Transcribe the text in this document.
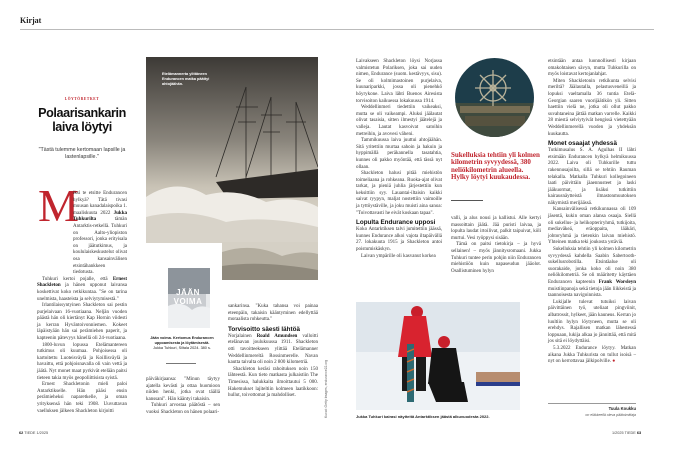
Kirjat
LÖYTÖRETKET
Polaarisankarin laiva löytyi
"Tästä tulemme kertomaan lapsille ja lastenlapsille."
M

iksi te etsitte Endurancen hylkyä? Tätä tivasi muusan kanadalaispoika 1. maaliskuuta 2022 Jukka Tuhkurilta tämän Antarktis-retkellä. Tuhkuri on Aalto-yliopiston professori, jonka erityisala on jäätutkimus, ja koululaiskeskustelut olivat osa kansainvälisen etsintähankkeen tiedotusta.

Tuhkuri kertoi pojalle, että Ernest Shackleton ja hänen upponut laivansa koskettivat koko retkikuntaa. "Se on tarina unelmista, haasteista ja selviytymisestä."

Irlantilaissyntyinen Shackleton sai pestin purjelaivaan 16-vuotiaana. Neljän vuoden päästä hän oli kiertänyt Kap Hornin viidesti ja kerran Hyväntoivonniemen. Kokeet läpäistyään hän sai perämiehen paperit, ja kapteenin pätevyys hänellä oli 24-vuotiaana.

1800-luvun lopussa Etelämantereen tutkimus oli kuumaa. Pohjoisessa oli kartoitettu Luoteisväylä ja Koillisväylä ja havaittu, että pohjoisnavalla oli vain vettä ja jäätä. Nyt monet maat pyrkivät etelään paitsi tieteen takia myös geopoliittisista syistä.

Ernest Shackletonin mieli paloi Antarktikselle. Hän pääsi ensin perämieheksi naparetkelle, ja oman yrityksensä hän teki 1908. Uuvuttavan vaelluksen jälkeen Shackleton kirjoitti

Etelämannerta ylittäneen Endurancen matka päättyi ahtojäähän.
JÄÄN VOIMA
Jään voima. Kertomus Endurancen uppoamisesta ja löytämisestä. Jukka Tuhkuri, Siltala 2024. 380 s.

päiväkirjaansa: "Minun täytyy ajatella kevästi ja ottaa huomioon niiden henki, jotka ovat täällä kanssani". Hän kääntyi takaisin.

Tuhkuri arvostaa päätöstä – sen vuoksi Shackleton on hänen polaari-

sankarinsa. "Kuka tahansa voi painaa eteenpäin, takaisin kääntyminen edellyttää moraalista rohkeutta."

Torvisoitto säesti lähtöä

Norjalainen Roald Amundsen valloitti etelänavan joulukuussa 1911. Shackleton otti tavoitteekseen ylittää Etelämanner Weddellinmereltä Rossinmerelle. Navan kautta taivalta oli noin 2 800 kilometriä.

Shackleton keräsi rahoituksen noin 150 lähteestä. Kun tieto matkasta julkaistiin The Timesissa, halukkaita ilmoittautui 5 000. Hakemukset lajiteltiin kolmeen laatikkoon: hullut, toivottomat ja mahdolliset.	Kuvat: Getty Images, endurance22.org

Laivakseen Shackleton löysi Norjassa valmistetun Polariksen, joka sai uuden nimen, Endurance (suom. kestävyys, sisu). Se oli kolmimastoinen purjelaiva, kuunariparkki, jossa oli pienehkö höyrykone. Laiva lähti Buenos Airesista torvisoiton kaikuessa lokakuussa 1914.

Weddellinmeri tiedettiin vaikeaksi, mutta se oli vaikeampi. Aluksi jäälautat olivat tasaisia, sitten ilmestyi jäätelejä ja valleja. Lautat kasvoivat satoihin metreihin, ja avovesi väheni.

Tammikuussa laiva juuttui ahtojäähän. Sitä yritettiin murtaa sahoin ja hakuin ja hyppimällä peräkannella tasatahtia, kunnes oli pakko myöntää, että tässä nyt ollaan.

Shackleton halusi pitää miehistön toimeliaana ja rohkeana. Ruoka-ajat olivat tarkat, ja pieniä juhlia järjestettiin kun keksittiin syy. Lauantai-iltaisin kaikki saivat ryypyn, maljat nostettiin vaimoille ja tyttöystäville, ja joku muisti aina sanoa: "Toivottavasti he eivät koskaan tapaa".

Lopulta Endurance upposi

Koko Antarktiksen talvi jumitettiin jäässä, kunnes Endurance alkoi vajota iltapäivällä 27. lokakuuta 1915 ja Shackleton antoi poistumiskäskyn.

Laivan ympärille oli kasvanut korkea

Sukelluksia tehtiin yli kolmen kilometrin syvyydessä, 380 neliökilometrin alueella. Hylky löytyi kuukaudessa.

valli, ja alus nousi ja kallistui. Alle kertyi massoittain jäätä. Jää puristi laivaa, ja lopulta laudat irtoilivat, palkit taipuivat, köli murtui. Vesi ryöppysi sisään.

Tämä on paitsi tietokirja – ja hyvä sellainen! – myös jännitysromaani. Jukka Tuhkuri tuntee perin pohjin niin Endurancen miehistöön kuin napaseudun jääolot. Osallistuminen hylyn

Jukka Tuhkuri kairasi näytteitä Antarktiksen jäästä alkuvuodesta 2022.

etsintään antaa luonnollisesti kirjaan omakohtaisen sävyn, mutta Tuhkurilla on myös loistavat kertojanlahjat.

Miten Shackletonin retkikunta selvisi meriltä? Jäälautalla, pelastusveneillä ja lopuksi vaeltamalla 36 tuntia Etelä-Georgian saaren vuorijäätikön yli. Sitten haettiin vielä ne, jotka oli ollut pakko suvahtaneina jättää matkan varrelle. Kaikki 28 miestä selviytyivät hengissä vietettyään Weddellinmerellä vuoden ja yhdeksän kuukautta.

Monet osaajat yhdessä

Tutkimusalus S. A. Agulhas II lähti etsimään Endurancen hylkyä helmikuussa 2022. Laiva oli Tuhkurille tuttu rakennusajoilta, sillä se tehtiin Rauman telakalla. Matkalla Tuhkuri kollegoineen laati päivittäin jäaennusteet ja laski jääkuormat, ja lisäksi tutkittiin kairausnäytteistä ilmastonmuutoksen näkymistä merijäässä.

Kansainvälisessä retkikunnassa oli 109 jäsentä, kukin oman alansa osaaja. Siellä oli sukellus- ja helikopteriryhmä, tutkijoita, mediaväkeä, eräoppaita, lääkäri, johtoryhmä ja tietenkin laivan miehistö. Yhteinen matka teki joukosta ystäviä.

Sukelluksia tehtiin yli kolmen kilometrin syvyydessä kahdella Saabin Sabertooth-sukellusrobotilla. Etsintäalue oli suorakaide, jonka koko oli noin 380 neliökilometriä. Se oli määritetty käyttäen Endurancen kapteenin Frank Worsleyn muistiinpanoja sekä tietoja jään liikkeistä ja taannoisesta navigoinnista.

Lukijalle tulevat tutuiksi laivan päivittäinen työ, uteliaat pingviinit, albatrossit, hylkeet, jään kauneus. Kerran jo luultiin hylyn löytyneen, mutta se oli erehdys. Rajallisen matkan lähestessä loppuaan, lukija alkaa jo jännittää, että mitä jos sitä ei löydyttäisi.

5.3.2022 Endurance löytyy. Matkan aikana Jukka Tuhkurista on tullut isoisä – nyt on kerrottavaa jälkipolville. ●

Tuula Koukku
on eläkkeellä oleva päätoimittaja
62 TIEDE 1/2025	1/2025 TIEDE 63
